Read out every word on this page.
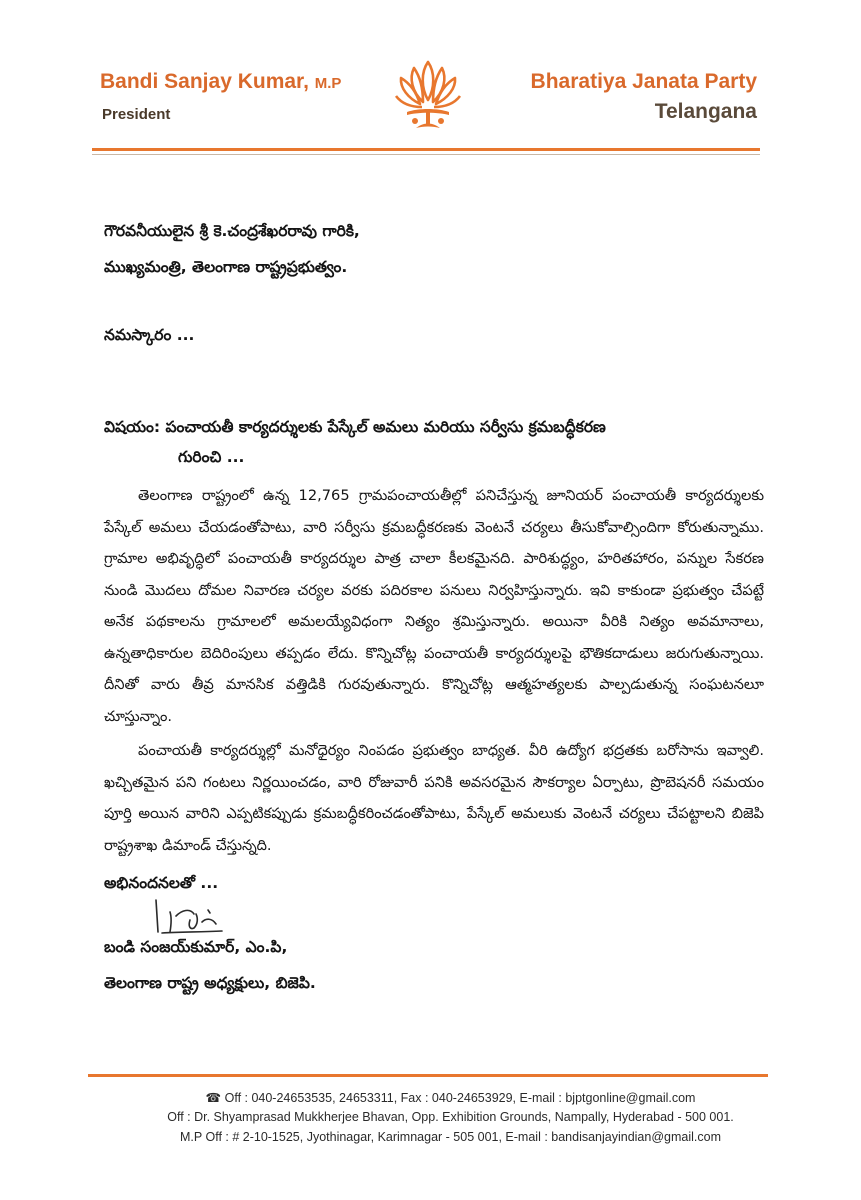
Bandi Sanjay Kumar, M.P
President
Bharatiya Janata Party
Telangana
గౌరవనీయులైన శ్రీ కె.చంద్రశేఖరరావు గారికి,
ముఖ్యమంత్రి, తెలంగాణ రాష్ట్రప్రభుత్వం.
నమస్కారం ...
విషయం: పంచాయతీ కార్యదర్శులకు పేస్కేల్ అమలు మరియు సర్వీసు క్రమబద్ధీకరణ
గురించి ...
తెలంగాణ రాష్ట్రంలో ఉన్న 12,765 గ్రామపంచాయతీల్లో పనిచేస్తున్న జూనియర్ పంచాయతీ కార్యదర్శులకు పేస్కేల్ అమలు చేయడంతోపాటు, వారి సర్వీసు క్రమబద్ధీకరణకు వెంటనే చర్యలు తీసుకోవాల్సిందిగా కోరుతున్నాము. గ్రామాల అభివృద్ధిలో పంచాయతీ కార్యదర్శుల పాత్ర చాలా కీలకమైనది. పారిశుద్ధ్యం, హరితహారం, పన్నుల సేకరణ నుండి మొదలు దోమల నివారణ చర్యల వరకు పదిరకాల పనులు నిర్వహిస్తున్నారు. ఇవి కాకుండా ప్రభుత్వం చేపట్టే అనేక పథకాలను గ్రామాలలో అమలయ్యేవిధంగా నిత్యం శ్రమిస్తున్నారు. అయినా వీరికి నిత్యం అవమానాలు, ఉన్నతాధికారుల బెదిరింపులు తప్పడం లేదు. కొన్నిచోట్ల పంచాయతీ కార్యదర్శులపై భౌతికదాడులు జరుగుతున్నాయి. దీనితో వారు తీవ్ర మానసిక వత్తిడికి గురవుతున్నారు. కొన్నిచోట్ల ఆత్మహత్యలకు పాల్పడుతున్న సంఘటనలూ చూస్తున్నాం.
పంచాయతీ కార్యదర్శుల్లో మనోధైర్యం నింపడం ప్రభుత్వం బాధ్యత. వీరి ఉద్యోగ భద్రతకు బరోసాను ఇవ్వాలి. ఖచ్చితమైన పని గంటలు నిర్ణయించడం, వారి రోజువారీ పనికి అవసరమైన సౌకర్యాల ఏర్పాటు, ప్రొబెషనరీ సమయం పూర్తి అయిన వారిని ఎప్పటికప్పుడు క్రమబద్ధీకరించడంతోపాటు, పేస్కేల్ అమలుకు వెంటనే చర్యలు చేపట్టాలని బిజెపి రాష్ట్రశాఖ డిమాండ్ చేస్తున్నది.
అభినందనలతో ...
బండి సంజయ్‌కుమార్, ఎం.పి,
తెలంగాణ రాష్ట్ర అధ్యక్షులు, బిజెపి.
☎ Off : 040-24653535, 24653311, Fax : 040-24653929, E-mail : bjptgonline@gmail.com
Off : Dr. Shyamprasad Mukkherjee Bhavan, Opp. Exhibition Grounds, Nampally, Hyderabad - 500 001.
M.P Off : # 2-10-1525, Jyothinagar, Karimnagar - 505 001, E-mail : bandisanjayindian@gmail.com
